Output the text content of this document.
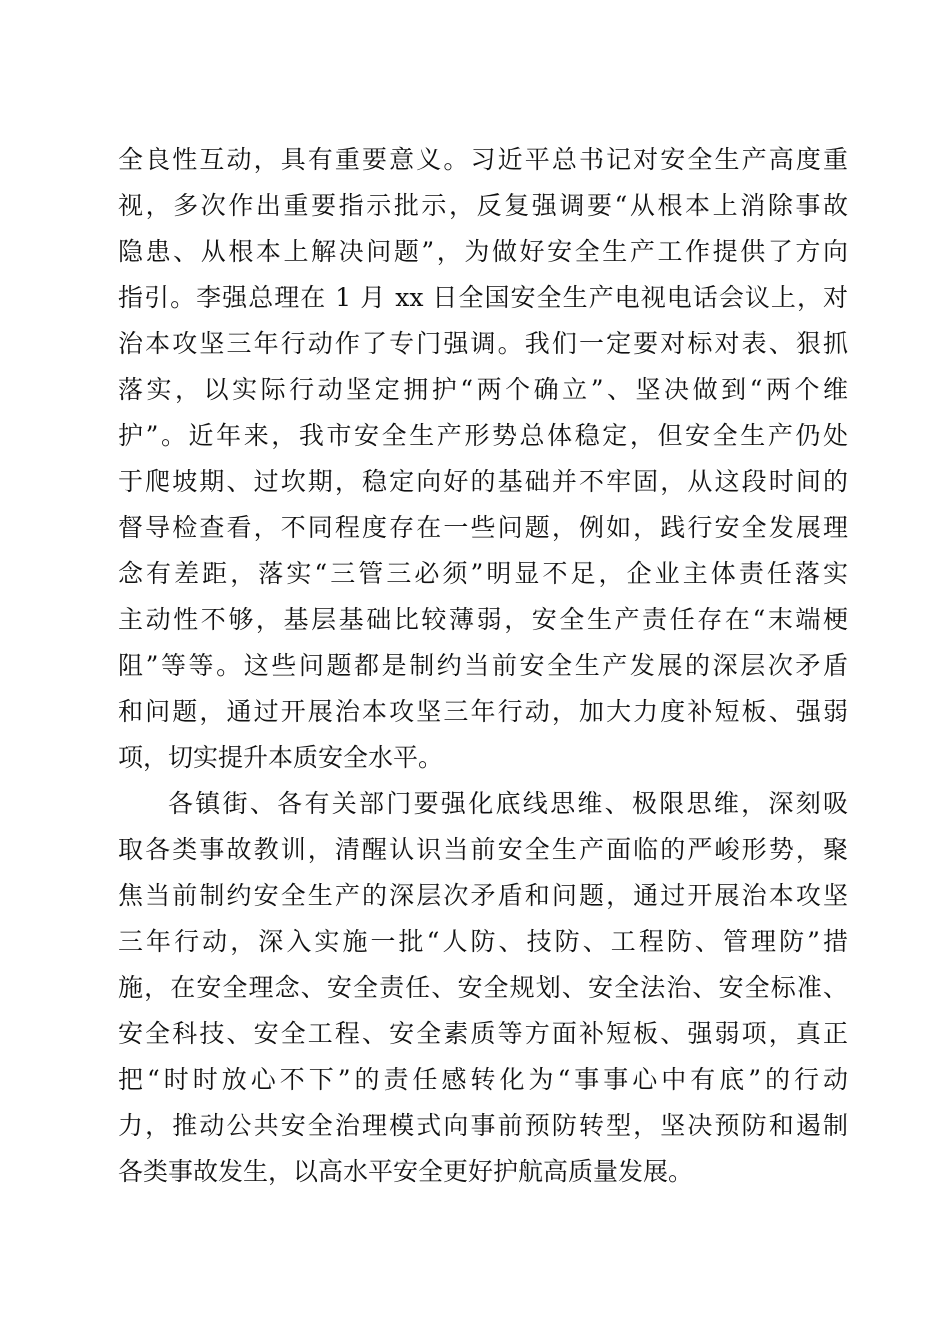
全良性互动，具有重要意义。习近平总书记对安全生产高度重
视，多次作出重要指示批示，反复强调要“从根本上消除事故
隐患、从根本上解决问题”，为做好安全生产工作提供了方向
指引。李强总理在 1 月 xx 日全国安全生产电视电话会议上，对
治本攻坚三年行动作了专门强调。我们一定要对标对表、狠抓
落实，以实际行动坚定拥护“两个确立”、坚决做到“两个维
护”。近年来，我市安全生产形势总体稳定，但安全生产仍处
于爬坡期、过坎期，稳定向好的基础并不牢固，从这段时间的
督导检查看，不同程度存在一些问题，例如，践行安全发展理
念有差距，落实“三管三必须”明显不足，企业主体责任落实
主动性不够，基层基础比较薄弱，安全生产责任存在“末端梗
阻”等等。这些问题都是制约当前安全生产发展的深层次矛盾
和问题，通过开展治本攻坚三年行动，加大力度补短板、强弱
项，切实提升本质安全水平。
各镇街、各有关部门要强化底线思维、极限思维，深刻吸
取各类事故教训，清醒认识当前安全生产面临的严峻形势，聚
焦当前制约安全生产的深层次矛盾和问题，通过开展治本攻坚
三年行动，深入实施一批“人防、技防、工程防、管理防”措
施，在安全理念、安全责任、安全规划、安全法治、安全标准、
安全科技、安全工程、安全素质等方面补短板、强弱项，真正
把“时时放心不下”的责任感转化为“事事心中有底”的行动
力，推动公共安全治理模式向事前预防转型，坚决预防和遏制
各类事故发生，以高水平安全更好护航高质量发展。
